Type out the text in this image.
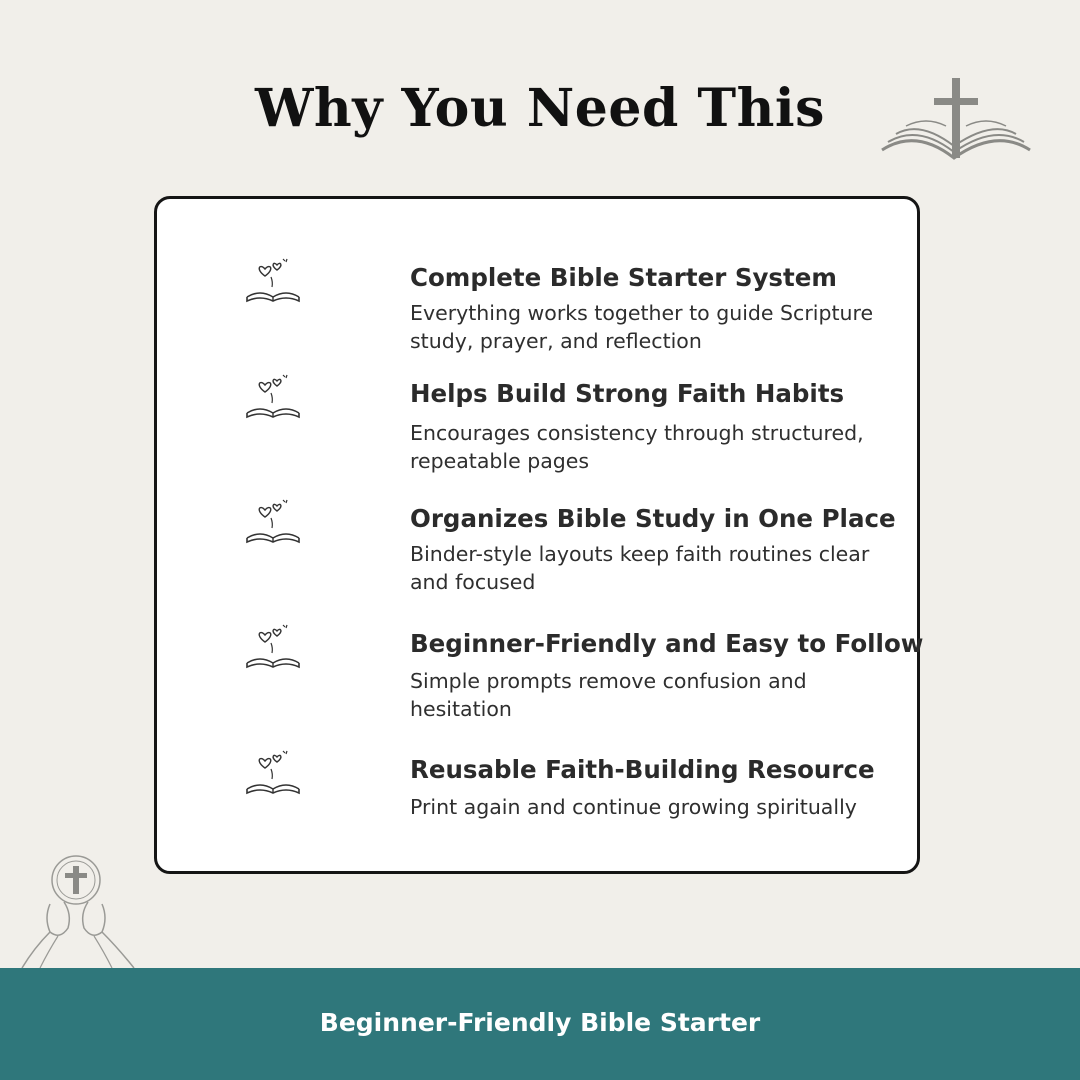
Why You Need This
Complete Bible Starter System
Everything works together to guide Scripture study, prayer, and reflection
Helps Build Strong Faith Habits
Encourages consistency through structured, repeatable pages
Organizes Bible Study in One Place
Binder-style layouts keep faith routines clear and focused
Beginner-Friendly and Easy to Follow
Simple prompts remove confusion and hesitation
Reusable Faith-Building Resource
Print again and continue growing spiritually
Beginner-Friendly Bible Starter
